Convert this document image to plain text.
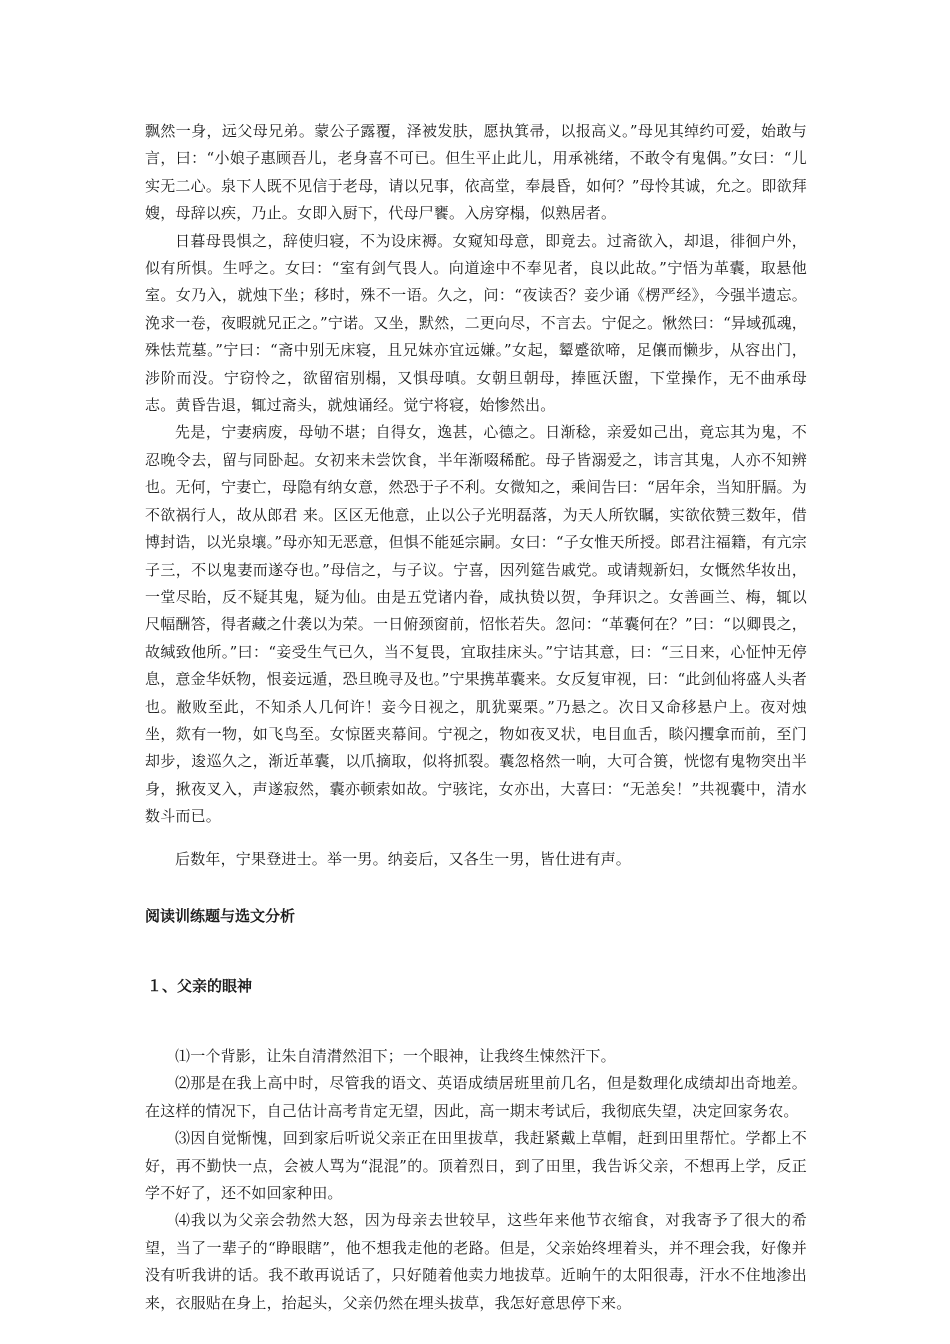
飘然一身，远父母兄弟。蒙公子露覆，泽被发肤，愿执箕帚，以报高义。”母见其绰约可爱，始敢与言，曰：“小娘子惠顾吾儿，老身喜不可已。但生平止此儿，用承祧绪，不敢令有鬼偶。”女曰：“儿实无二心。泉下人既不见信于老母，请以兄事，依高堂，奉晨昏，如何？”母怜其诚，允之。即欲拜嫂，母辞以疾，乃止。女即入厨下，代母尸饔。入房穿榻，似熟居者。

日暮母畏惧之，辞使归寝，不为设床褥。女窥知母意，即竟去。过斋欲入，却退，徘徊户外，似有所惧。生呼之。女曰：“室有剑气畏人。向道途中不奉见者，良以此故。”宁悟为革囊，取悬他室。女乃入，就烛下坐；移时，殊不一语。久之，问：“夜读否？妾少诵《楞严经》，今强半遗忘。浼求一卷，夜暇就兄正之。”宁诺。又坐，默然，二更向尽，不言去。宁促之。愀然曰：“异域孤魂，殊怯荒墓。”宁曰：“斋中别无床寝，且兄妹亦宜远嫌。”女起，颦蹙欲啼，足儴而懒步，从容出门，涉阶而没。宁窃怜之，欲留宿别榻，又惧母嗔。女朝旦朝母，捧匜沃盥，下堂操作，无不曲承母志。黄昏告退，辄过斋头，就烛诵经。觉宁将寝，始惨然出。

先是，宁妻病废，母劬不堪；自得女，逸甚，心德之。日渐稔，亲爱如己出，竟忘其为鬼，不忍晚令去，留与同卧起。女初来未尝饮食，半年渐啜稀酡。母子皆溺爱之，讳言其鬼，人亦不知辨也。无何，宁妻亡，母隐有纳女意，然恐于子不利。女微知之，乘间告曰：“居年余，当知肝膈。为不欲祸行人，故从郎君 来。区区无他意，止以公子光明磊落，为天人所钦瞩，实欲依赞三数年，借博封诰，以光泉壤。”母亦知无恶意，但惧不能延宗嗣。女曰：“子女惟天所授。郎君注福籍，有亢宗子三，不以鬼妻而遂夺也。”母信之，与子议。宁喜，因列筵告戚党。或请觌新妇，女慨然华妆出，一堂尽眙，反不疑其鬼，疑为仙。由是五党诸内眷，咸执贽以贺，争拜识之。女善画兰、梅，辄以尺幅酬答，得者藏之什袭以为荣。一日俯颈窗前，怊怅若失。忽问：“革囊何在？”曰：“以卿畏之，故缄致他所。”曰：“妾受生气已久，当不复畏，宜取挂床头。”宁诘其意，曰：“三日来，心怔忡无停息，意金华妖物，恨妾远遁，恐旦晚寻及也。”宁果携革囊来。女反复审视，曰：“此剑仙将盛人头者也。敝败至此，不知杀人几何许！妾今日视之，肌犹粟栗。”乃悬之。次日又命移悬户上。夜对烛坐，欻有一物，如飞鸟至。女惊匿夹幕间。宁视之，物如夜叉状，电目血舌，睒闪攫拿而前，至门却步，逡巡久之，渐近革囊，以爪摘取，似将抓裂。囊忽格然一响，大可合篑，恍惚有鬼物突出半身，揪夜叉入，声遂寂然，囊亦顿索如故。宁骇诧，女亦出，大喜曰：“无恙矣！”共视囊中，清水数斗而已。

后数年，宁果登进士。举一男。纳妾后，又各生一男，皆仕进有声。

阅读训练题与选文分析

１、父亲的眼神

⑴一个背影，让朱自清潸然泪下；一个眼神，让我终生悚然汗下。

⑵那是在我上高中时，尽管我的语文、英语成绩居班里前几名，但是数理化成绩却出奇地差。在这样的情况下，自己估计高考肯定无望，因此，高一期末考试后，我彻底失望，决定回家务农。

⑶因自觉惭愧，回到家后听说父亲正在田里拔草，我赶紧戴上草帽，赶到田里帮忙。学都上不好，再不勤快一点，会被人骂为“混混”的。顶着烈日，到了田里，我告诉父亲，不想再上学，反正学不好了，还不如回家种田。

⑷我以为父亲会勃然大怒，因为母亲去世较早，这些年来他节衣缩食，对我寄予了很大的希望，当了一辈子的“睁眼瞎”，他不想我走他的老路。但是，父亲始终埋着头，并不理会我，好像并没有听我讲的话。我不敢再说话了，只好随着他卖力地拔草。近晌午的太阳很毒，汗水不住地渗出来，衣服贴在身上，抬起头，父亲仍然在埋头拔草，我怎好意思停下来。
